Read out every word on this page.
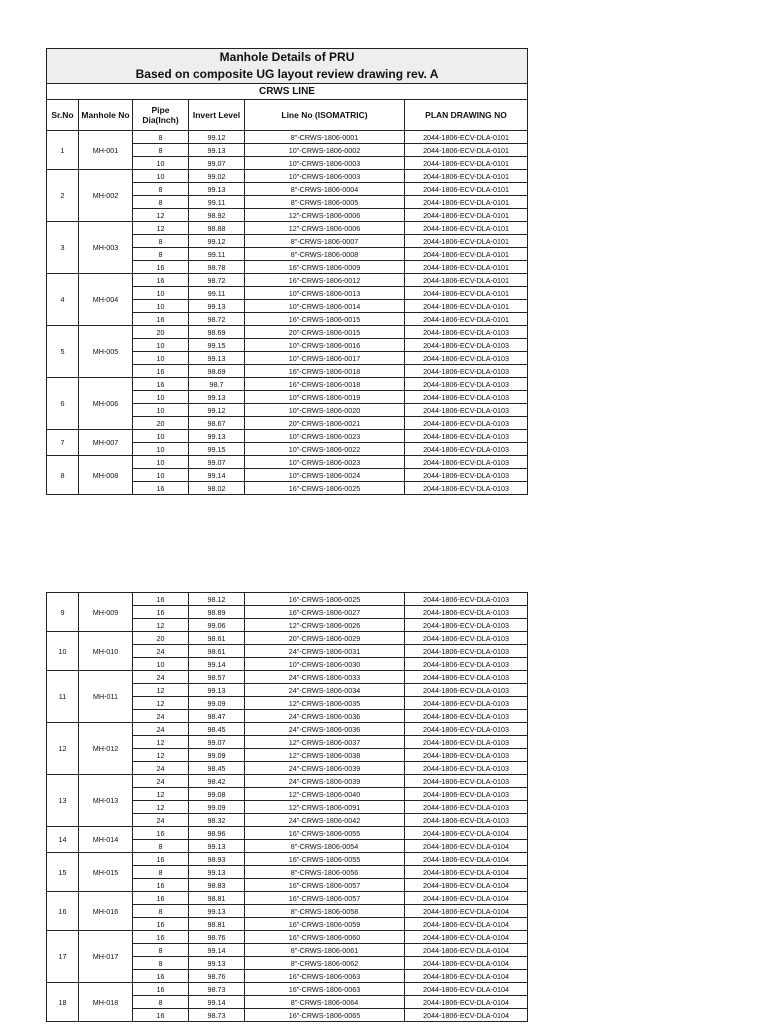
Manhole Details of PRU					
Based on composite UG layout review drawing rev. A					
CRWS LINE					
Sr.No	Manhole No	Pipe Dia(Inch)	Invert Level	Line No (ISOMATRIC)	PLAN DRAWING NO
1	MH-001	8	99.12	8"-CRWS-1806-0001	2044-1806-ECV-DLA-0101
		8	99.13	10"-CRWS-1806-0002	2044-1806-ECV-DLA-0101
		10	99.07	10"-CRWS-1806-0003	2044-1806-ECV-DLA-0101
2	MH-002	10	99.02	10"-CRWS-1806-0003	2044-1806-ECV-DLA-0101
		8	99.13	8"-CRWS-1806-0004	2044-1806-ECV-DLA-0101
		8	99.11	8"-CRWS-1806-0005	2044-1806-ECV-DLA-0101
		12	98.92	12"-CRWS-1806-0006	2044-1806-ECV-DLA-0101
3	MH-003	12	98.88	12"-CRWS-1806-0006	2044-1806-ECV-DLA-0101
		8	99.12	8"-CRWS-1806-0007	2044-1806-ECV-DLA-0101
		8	99.11	8"-CRWS-1806-0008	2044-1806-ECV-DLA-0101
		16	98.78	16"-CRWS-1806-0009	2044-1806-ECV-DLA-0101
4	MH-004	16	98.72	16"-CRWS-1806-0012	2044-1806-ECV-DLA-0101
		10	99.11	10"-CRWS-1806-0013	2044-1806-ECV-DLA-0101
		10	99.13	10"-CRWS-1806-0014	2044-1806-ECV-DLA-0101
		16	98.72	16"-CRWS-1806-0015	2044-1806-ECV-DLA-0101
5	MH-005	20	98.69	20"-CRWS-1806-0015	2044-1806-ECV-DLA-0103
		10	99.15	10"-CRWS-1806-0016	2044-1806-ECV-DLA-0103
		10	99.13	10"-CRWS-1806-0017	2044-1806-ECV-DLA-0103
		16	98.69	16"-CRWS-1806-0018	2044-1806-ECV-DLA-0103
6	MH-006	16	98.7	16"-CRWS-1806-0018	2044-1806-ECV-DLA-0103
		10	99.13	10"-CRWS-1806-0019	2044-1806-ECV-DLA-0103
		10	99.12	10"-CRWS-1806-0020	2044-1806-ECV-DLA-0103
		20	98.67	20"-CRWS-1806-0021	2044-1806-ECV-DLA-0103
7	MH-007	10	99.13	10"-CRWS-1806-0023	2044-1806-ECV-DLA-0103
		10	99.15	10"-CRWS-1806-0022	2044-1806-ECV-DLA-0103
8	MH-008	10	99.07	10"-CRWS-1806-0023	2044-1806-ECV-DLA-0103
		10	99.14	10"-CRWS-1806-0024	2044-1806-ECV-DLA-0103
		16	98.02	16"-CRWS-1806-0025	2044-1806-ECV-DLA-0103
9	MH-009	16	98.12	16"-CRWS-1806-0025	2044-1806-ECV-DLA-0103
		16	98.89	16"-CRWS-1806-0027	2044-1806-ECV-DLA-0103
		12	99.06	12"-CRWS-1806-0026	2044-1806-ECV-DLA-0103
10	MH-010	20	98.61	20"-CRWS-1806-0029	2044-1806-ECV-DLA-0103
		24	98.61	24"-CRWS-1806-0031	2044-1806-ECV-DLA-0103
		10	99.14	10"-CRWS-1806-0030	2044-1806-ECV-DLA-0103
11	MH-011	24	98.57	24"-CRWS-1806-0033	2044-1806-ECV-DLA-0103
		12	99.13	24"-CRWS-1806-0034	2044-1806-ECV-DLA-0103
		12	99.09	12"-CRWS-1806-0035	2044-1806-ECV-DLA-0103
		24	98.47	24"-CRWS-1806-0036	2044-1806-ECV-DLA-0103
12	MH-012	24	98.45	24"-CRWS-1806-0036	2044-1806-ECV-DLA-0103
		12	99.07	12"-CRWS-1806-0037	2044-1806-ECV-DLA-0103
		12	99.09	12"-CRWS-1806-0038	2044-1806-ECV-DLA-0103
		24	98.45	24"-CRWS-1806-0039	2044-1806-ECV-DLA-0103
13	MH-013	24	98.42	24"-CRWS-1806-0039	2044-1806-ECV-DLA-0103
		12	99.08	12"-CRWS-1806-0040	2044-1806-ECV-DLA-0103
		12	99.09	12"-CRWS-1806-0091	2044-1806-ECV-DLA-0103
		24	98.32	24"-CRWS-1806-0042	2044-1806-ECV-DLA-0103
14	MH-014	16	98.96	16"-CRWS-1806-0055	2044-1806-ECV-DLA-0104
		8	99.13	8"-CRWS-1806-0054	2044-1806-ECV-DLA-0104
15	MH-015	16	98.93	16"-CRWS-1806-0055	2044-1806-ECV-DLA-0104
		8	99.13	8"-CRWS-1806-0056	2044-1806-ECV-DLA-0104
		16	98.83	16"-CRWS-1806-0057	2044-1806-ECV-DLA-0104
16	MH-016	16	98.81	16"-CRWS-1806-0057	2044-1806-ECV-DLA-0104
		8	99.13	8"-CRWS-1806-0058	2044-1806-ECV-DLA-0104
		16	98.81	16"-CRWS-1806-0059	2044-1806-ECV-DLA-0104
17	MH-017	16	98.76	16"-CRWS-1806-0060	2044-1806-ECV-DLA-0104
		8	99.14	8"-CRWS-1806-0061	2044-1806-ECV-DLA-0104
		8	99.13	8"-CRWS-1806-0062	2044-1806-ECV-DLA-0104
		16	98.76	16"-CRWS-1806-0063	2044-1806-ECV-DLA-0104
18	MH-018	16	98.73	16"-CRWS-1806-0063	2044-1806-ECV-DLA-0104
		8	99.14	8"-CRWS-1806-0064	2044-1806-ECV-DLA-0104
		16	98.73	16"-CRWS-1806-0065	2044-1806-ECV-DLA-0104
